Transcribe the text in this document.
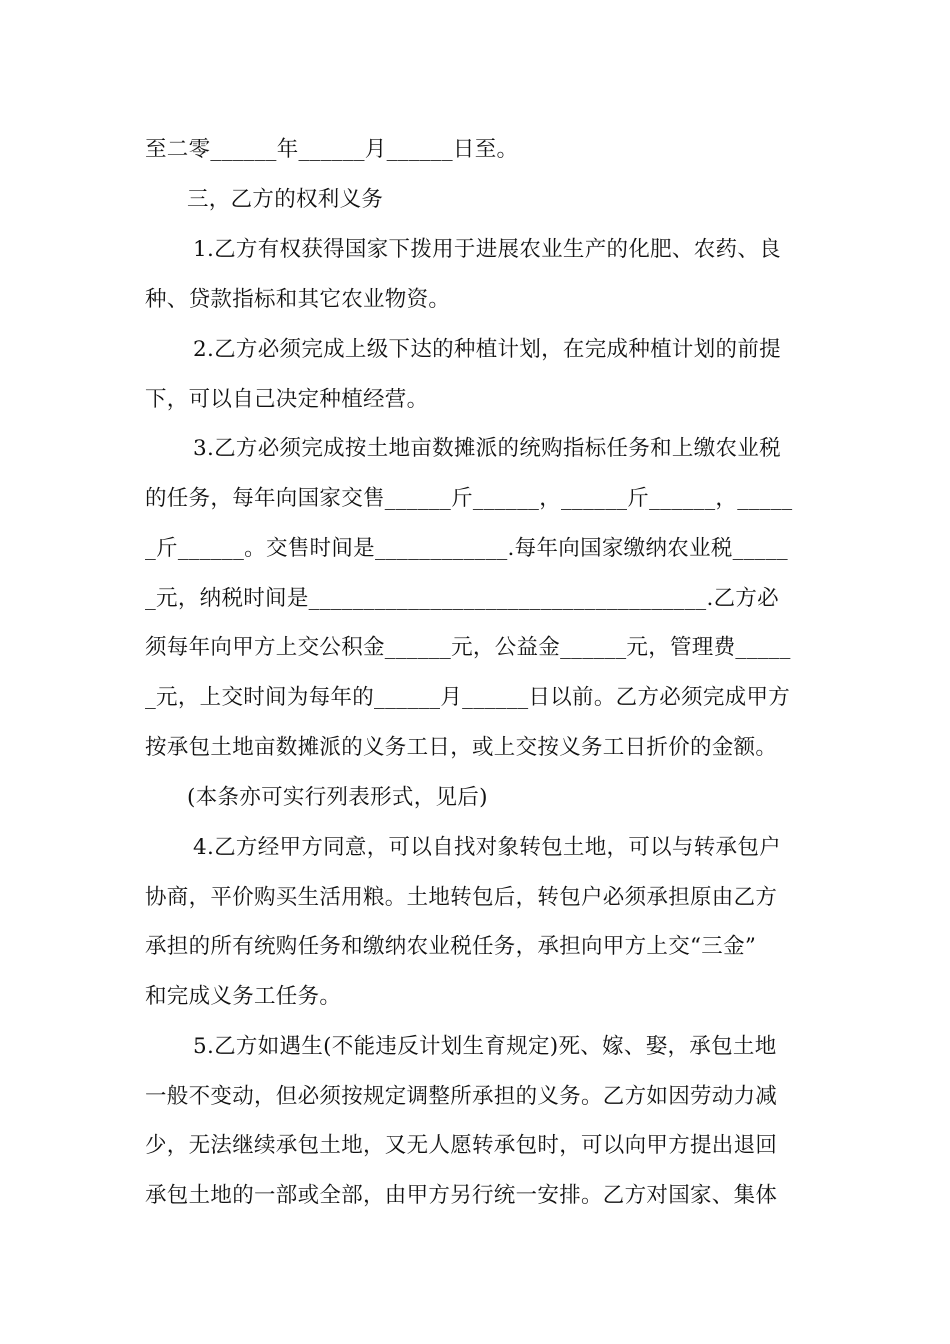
至二零______年______月______日至。
三，乙方的权利义务
1.乙方有权获得国家下拨用于进展农业生产的化肥、农药、良
种、贷款指标和其它农业物资。
2.乙方必须完成上级下达的种植计划，在完成种植计划的前提
下，可以自己决定种植经营。
3.乙方必须完成按土地亩数摊派的统购指标任务和上缴农业税
的任务，每年向国家交售______斤______，______斤______，_____
_斤______。交售时间是____________.每年向国家缴纳农业税_____
_元，纳税时间是____________________________________.乙方必
须每年向甲方上交公积金______元，公益金______元，管理费_____
_元，上交时间为每年的______月______日以前。乙方必须完成甲方
按承包土地亩数摊派的义务工日，或上交按义务工日折价的金额。
(本条亦可实行列表形式，见后)
4.乙方经甲方同意，可以自找对象转包土地，可以与转承包户
协商，平价购买生活用粮。土地转包后，转包户必须承担原由乙方
承担的所有统购任务和缴纳农业税任务，承担向甲方上交“三金”
和完成义务工任务。
5.乙方如遇生(不能违反计划生育规定)死、嫁、娶，承包土地
一般不变动，但必须按规定调整所承担的义务。乙方如因劳动力减
少，无法继续承包土地，又无人愿转承包时，可以向甲方提出退回
承包土地的一部或全部，由甲方另行统一安排。乙方对国家、集体
